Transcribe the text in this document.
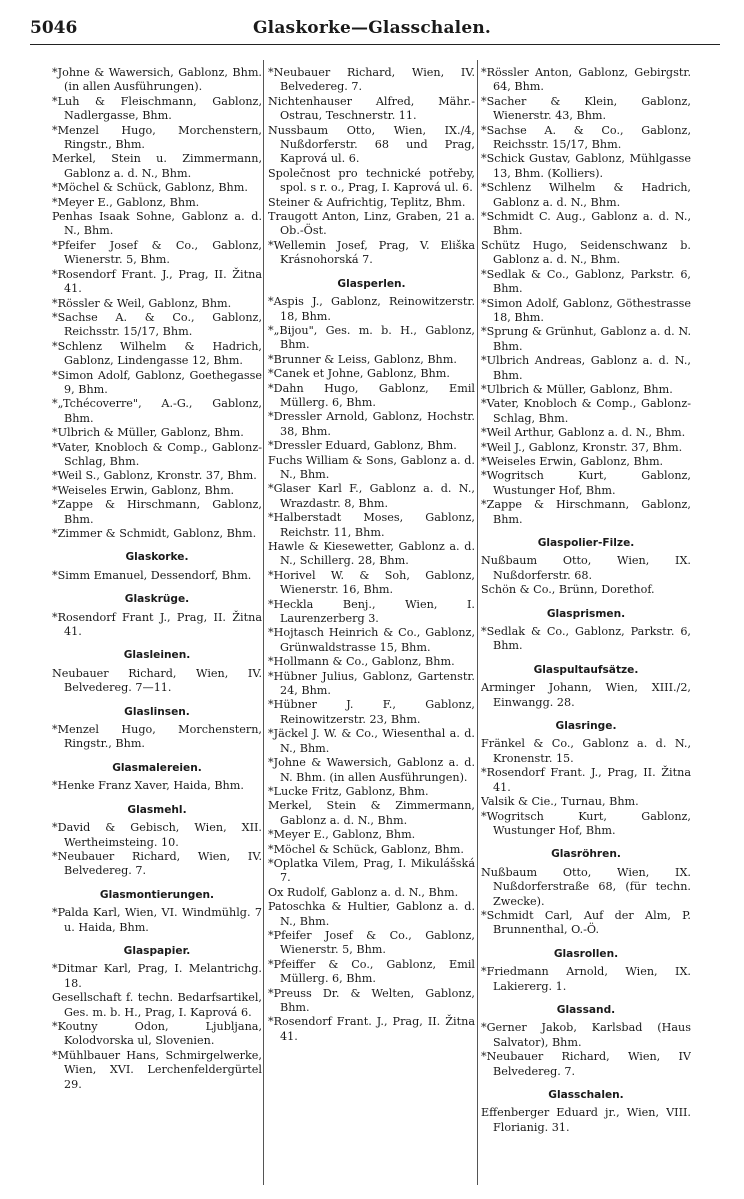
5046	Glaskorke—Glasschalen.
*Johne & Wawersich, Gablonz, Bhm. (in allen Ausführungen).
*Luh & Fleischmann, Gablonz, Nadlergasse, Bhm.
*Menzel Hugo, Morchenstern, Ringstr., Bhm.
Merkel, Stein u. Zimmermann, Gablonz a. d. N., Bhm.
*Möchel & Schück, Gablonz, Bhm.
*Meyer E., Gablonz, Bhm.
Penhas Isaak Sohne, Gablonz a. d. N., Bhm.
*Pfeifer Josef & Co., Gablonz, Wienerstr. 5, Bhm.
*Rosendorf Frant. J., Prag, II. Žitna 41.
*Rössler & Weil, Gablonz, Bhm.
*Sachse A. & Co., Gablonz, Reichsstr. 15/17, Bhm.
*Schlenz Wilhelm & Hadrich, Gablonz, Lindengasse 12, Bhm.
*Simon Adolf, Gablonz, Goethegasse 9, Bhm.
*„Tchécoverre", A.-G., Gablonz, Bhm.
*Ulbrich & Müller, Gablonz, Bhm.
*Vater, Knobloch & Comp., Gablonz-Schlag, Bhm.
*Weil S., Gablonz, Kronstr. 37, Bhm.
*Weiseles Erwin, Gablonz, Bhm.
*Zappe & Hirschmann, Gablonz, Bhm.
*Zimmer & Schmidt, Gablonz, Bhm.
Glaskorke.
*Simm Emanuel, Dessendorf, Bhm.
Glaskrüge.
*Rosendorf Frant J., Prag, II. Žitna 41.
Glasleinen.
Neubauer Richard, Wien, IV. Belvedereg. 7—11.
Glaslinsen.
*Menzel Hugo, Morchenstern, Ringstr., Bhm.
Glasmalereien.
*Henke Franz Xaver, Haida, Bhm.
Glasmehl.
*David & Gebisch, Wien, XII. Wertheimsteing. 10.
*Neubauer Richard, Wien, IV. Belvedereg. 7.
Glasmontierungen.
*Palda Karl, Wien, VI. Windmühlg. 7 u. Haida, Bhm.
Glaspapier.
*Ditmar Karl, Prag, I. Melantrichg. 18.
Gesellschaft f. techn. Bedarfsartikel, Ges. m. b. H., Prag, I. Kaprová 6.
*Koutny Odon, Ljubljana, Kolodvorska ul, Slovenien.
*Mühlbauer Hans, Schmirgelwerke, Wien, XVI. Lerchenfeldergürtel 29.
*Neubauer Richard, Wien, IV. Belvedereg. 7.
Nichtenhauser Alfred, Mähr.-Ostrau, Teschnerstr. 11.
Nussbaum Otto, Wien, IX./4, Nußdorferstr. 68 und Prag, Kaprová ul. 6.
Společnost pro technické potřeby, spol. s r. o., Prag, I. Kaprová ul. 6.
Steiner & Aufrichtig, Teplitz, Bhm.
Traugott Anton, Linz, Graben, 21 a. Ob.-Öst.
*Wellemin Josef, Prag, V. Eliška Krásnohorská 7.
Glasperlen.
*Aspis J., Gablonz, Reinowitzerstr. 18, Bhm.
*„Bijou", Ges. m. b. H., Gablonz, Bhm.
*Brunner & Leiss, Gablonz, Bhm.
*Canek et Johne, Gablonz, Bhm.
*Dahn Hugo, Gablonz, Emil Müllerg. 6, Bhm.
*Dressler Arnold, Gablonz, Hochstr. 38, Bhm.
*Dressler Eduard, Gablonz, Bhm.
Fuchs William & Sons, Gablonz a. d. N., Bhm.
*Glaser Karl F., Gablonz a. d. N., Wrazdastr. 8, Bhm.
*Halberstadt Moses, Gablonz, Reichstr. 11, Bhm.
Hawle & Kiesewetter, Gablonz a. d. N., Schillerg. 28, Bhm.
*Horivel W. & Soh, Gablonz, Wienerstr. 16, Bhm.
*Heckla Benj., Wien, I. Laurenzerberg 3.
*Hojtasch Heinrich & Co., Gablonz, Grünwaldstrasse 15, Bhm.
*Hollmann & Co., Gablonz, Bhm.
*Hübner Julius, Gablonz, Gartenstr. 24, Bhm.
*Hübner J. F., Gablonz, Reinowitzerstr. 23, Bhm.
*Jäckel J. W. & Co., Wiesenthal a. d. N., Bhm.
*Johne & Wawersich, Gablonz a. d. N. Bhm. (in allen Ausführungen).
*Lucke Fritz, Gablonz, Bhm.
Merkel, Stein & Zimmermann, Gablonz a. d. N., Bhm.
*Meyer E., Gablonz, Bhm.
*Möchel & Schück, Gablonz, Bhm.
*Oplatka Vilem, Prag, I. Mikulášská 7.
Ox Rudolf, Gablonz a. d. N., Bhm.
Patoschka & Hultier, Gablonz a. d. N., Bhm.
*Pfeifer Josef & Co., Gablonz, Wienerstr. 5, Bhm.
*Pfeiffer & Co., Gablonz, Emil Müllerg. 6, Bhm.
*Preuss Dr. & Welten, Gablonz, Bhm.
*Rosendorf Frant. J., Prag, II. Žitna 41.
*Rössler Anton, Gablonz, Gebirgstr. 64, Bhm.
*Sacher & Klein, Gablonz, Wienerstr. 43, Bhm.
*Sachse A. & Co., Gablonz, Reichsstr. 15/17, Bhm.
*Schick Gustav, Gablonz, Mühlgasse 13, Bhm. (Kolliers).
*Schlenz Wilhelm & Hadrich, Gablonz a. d. N., Bhm.
*Schmidt C. Aug., Gablonz a. d. N., Bhm.
Schütz Hugo, Seidenschwanz b. Gablonz a. d. N., Bhm.
*Sedlak & Co., Gablonz, Parkstr. 6, Bhm.
*Simon Adolf, Gablonz, Göthestrasse 18, Bhm.
*Sprung & Grünhut, Gablonz a. d. N. Bhm.
*Ulbrich Andreas, Gablonz a. d. N., Bhm.
*Ulbrich & Müller, Gablonz, Bhm.
*Vater, Knobloch & Comp., Gablonz-Schlag, Bhm.
*Weil Arthur, Gablonz a. d. N., Bhm.
*Weil J., Gablonz, Kronstr. 37, Bhm.
*Weiseles Erwin, Gablonz, Bhm.
*Wogritsch Kurt, Gablonz, Wustunger Hof, Bhm.
*Zappe & Hirschmann, Gablonz, Bhm.
Glaspolier-Filze.
Nußbaum Otto, Wien, IX. Nußdorferstr. 68.
Schön & Co., Brünn, Dorethof.
Glasprismen.
*Sedlak & Co., Gablonz, Parkstr. 6, Bhm.
Glaspultaufsätze.
Arminger Johann, Wien, XIII./2, Einwangg. 28.
Glasringe.
Fränkel & Co., Gablonz a. d. N., Kronenstr. 15.
*Rosendorf Frant. J., Prag, II. Žitna 41.
Valsik & Cie., Turnau, Bhm.
*Wogritsch Kurt, Gablonz, Wustunger Hof, Bhm.
Glasröhren.
Nußbaum Otto, Wien, IX. Nußdorferstraße 68, (für techn. Zwecke).
*Schmidt Carl, Auf der Alm, P. Brunnenthal, O.-Ö.
Glasrollen.
*Friedmann Arnold, Wien, IX. Lakiererg. 1.
Glassand.
*Gerner Jakob, Karlsbad (Haus Salvator), Bhm.
*Neubauer Richard, Wien, IV Belvedereg. 7.
Glasschalen.
Effenberger Eduard jr., Wien, VIII. Florianig. 31.
